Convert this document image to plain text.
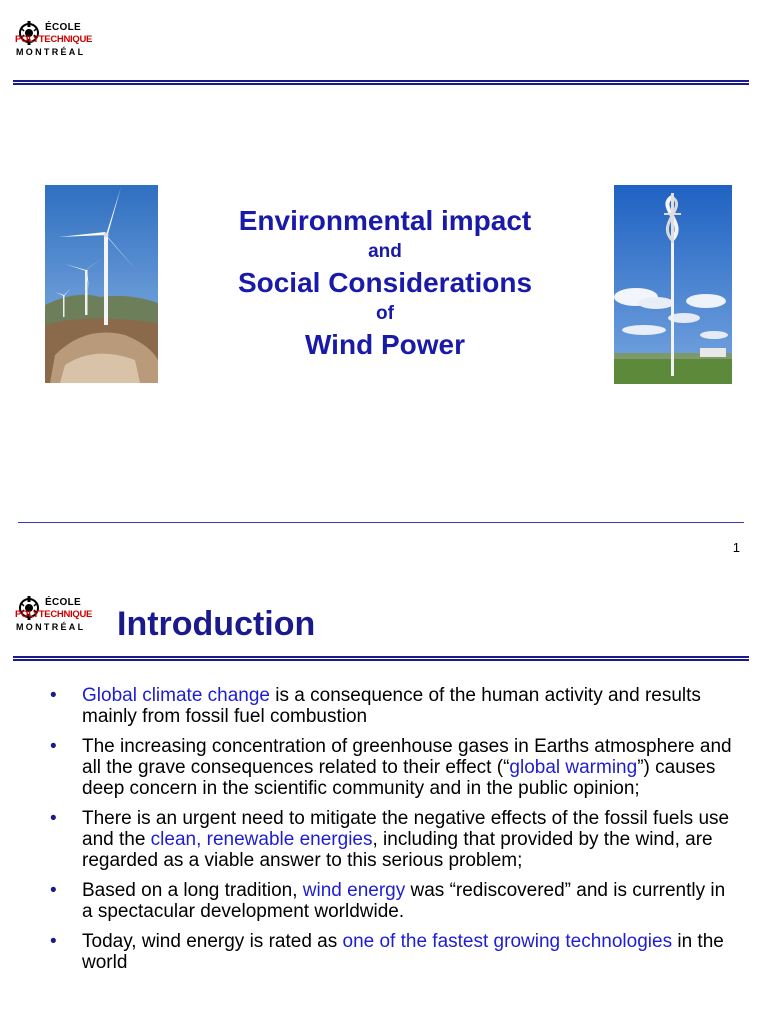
ÉCOLE
POLYTECHNIQUE
MONTRÉAL
Environmental impact
and
Social Considerations
of
Wind Power
1
ÉCOLE
POLYTECHNIQUE
MONTRÉAL Introduction
• Global climate change is a consequence of the human activity and results mainly from fossil fuel combustion
• The increasing concentration of greenhouse gases in Earths atmosphere and all the grave consequences related to their effect (“global warming”) causes deep concern in the scientific community and in the public opinion;
• There is an urgent need to mitigate the negative effects of the fossil fuels use and the clean, renewable energies, including that provided by the wind, are regarded as a viable answer to this serious problem;
• Based on a long tradition, wind energy was “rediscovered” and is currently in a spectacular development worldwide.
• Today, wind energy is rated as one of the fastest growing technologies in the world
